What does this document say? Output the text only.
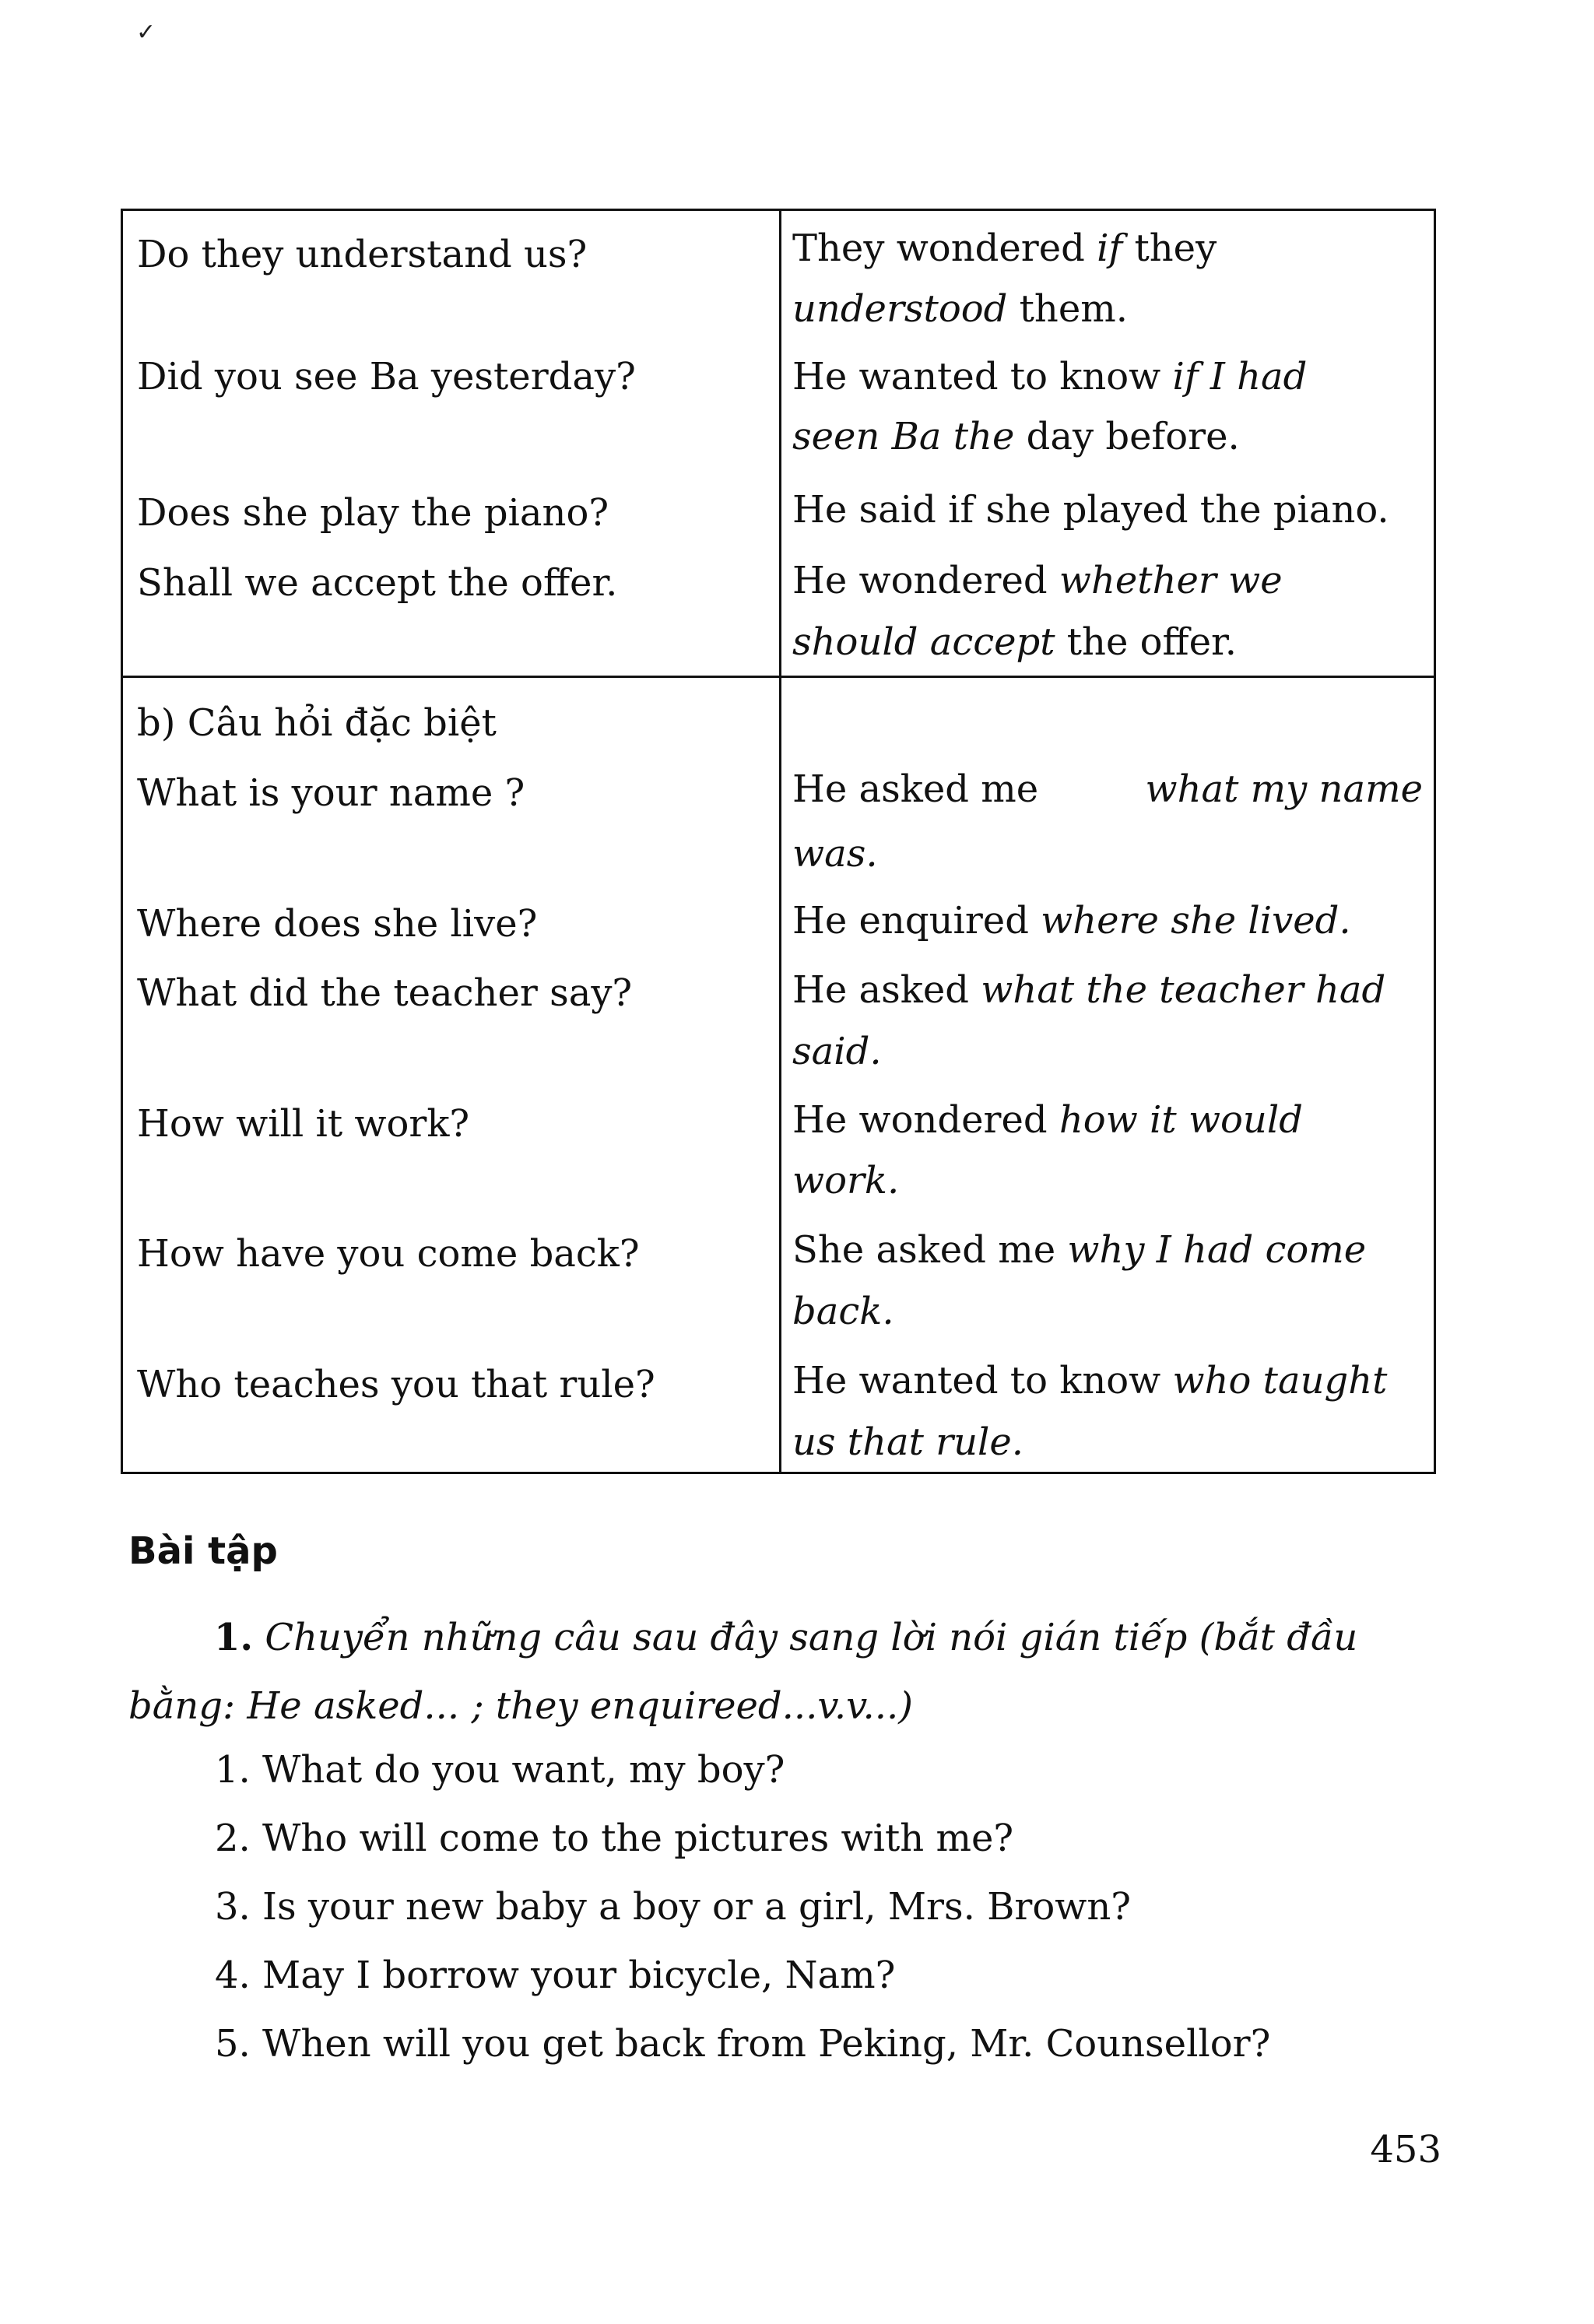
✓
Do they understand us?	They wondered if they
understood them.
Did you see Ba yesterday?	He wanted to know if I had
seen Ba the day before.
Does she play the piano?	He said if she played the piano.
Shall we accept the offer.	He wondered whether we
should accept the offer.
b) Câu hỏi đặc biệt
What is your name ?	He asked me	what my name
was.
Where does she live?	He enquired where she lived.
What did the teacher say?	He asked what the teacher had
said.
How will it work?	He wondered how it would
work.
How have you come back?	She asked me why I had come
back.
Who teaches you that rule?	He wanted to know who taught
us that rule.
Bài tập
1. Chuyển những câu sau đây sang lời nói gián tiếp (bắt đầu bằng: He asked... ; they enquireed...v.v...)
1. What do you want, my boy?
2. Who will come to the pictures with me?
3. Is your new baby a boy or a girl, Mrs. Brown?
4. May I borrow your bicycle, Nam?
5. When will you get back from Peking, Mr. Counsellor?
453
